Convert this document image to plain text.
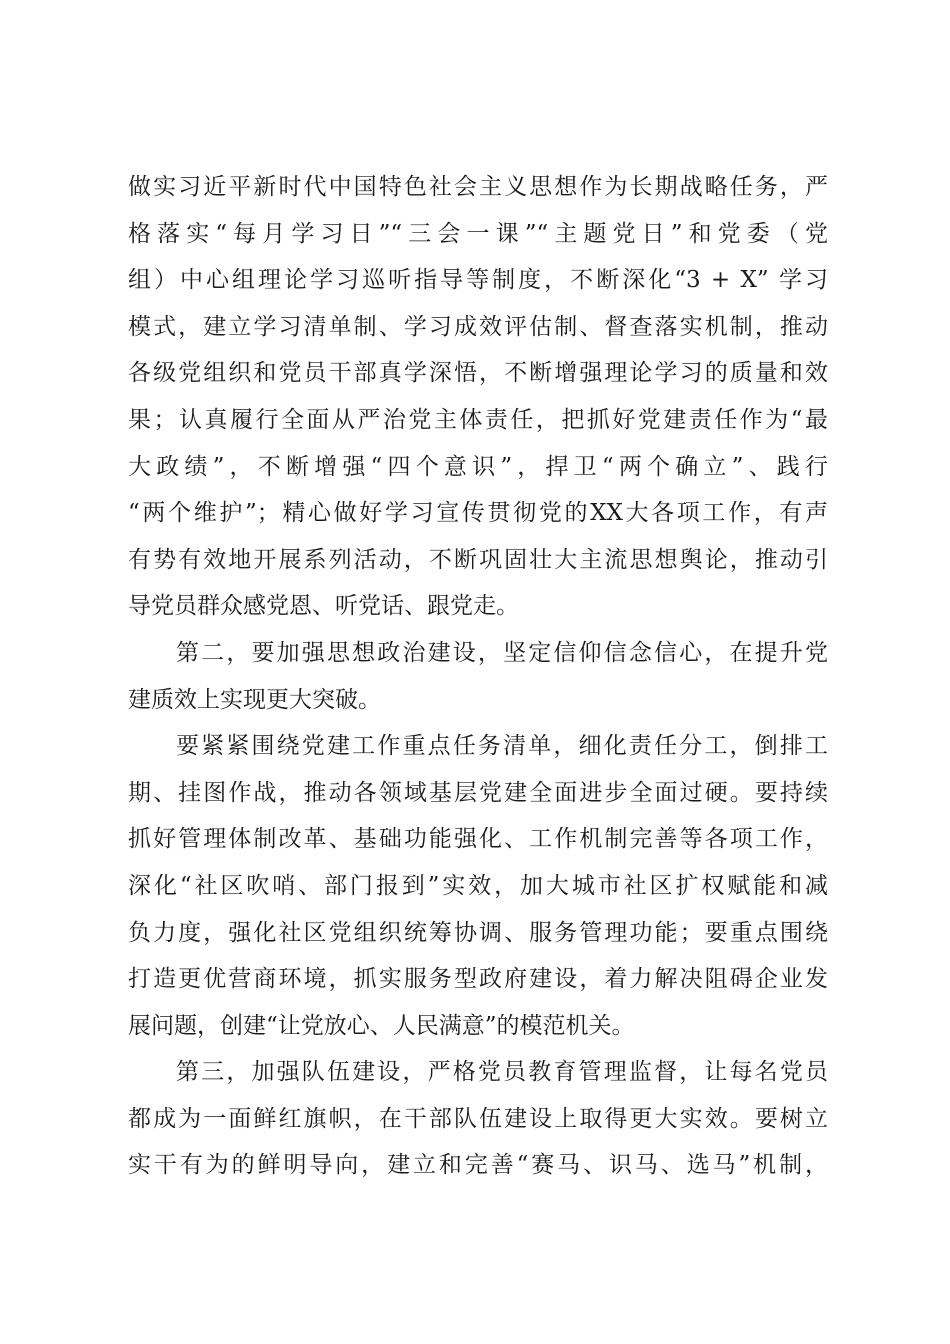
做实习近平新时代中国特色社会主义思想作为长期战略任务，严
格落实“每月学习日”“三会一课”“主题党日”和党委（党
组）中心组理论学习巡听指导等制度，不断深化“3 + X” 学习
模式，建立学习清单制、学习成效评估制、督查落实机制，推动
各级党组织和党员干部真学深悟，不断增强理论学习的质量和效
果；认真履行全面从严治党主体责任，把抓好党建责任作为“最
大政绩”，不断增强“四个意识”，捍卫“两个确立”、践行
“两个维护”；精心做好学习宣传贯彻党的XX大各项工作，有声
有势有效地开展系列活动，不断巩固壮大主流思想舆论，推动引
导党员群众感党恩、听党话、跟党走。
第二，要加强思想政治建设，坚定信仰信念信心，在提升党
建质效上实现更大突破。
要紧紧围绕党建工作重点任务清单，细化责任分工，倒排工
期、挂图作战，推动各领域基层党建全面进步全面过硬。要持续
抓好管理体制改革、基础功能强化、工作机制完善等各项工作，
深化“社区吹哨、部门报到”实效，加大城市社区扩权赋能和减
负力度，强化社区党组织统筹协调、服务管理功能；要重点围绕
打造更优营商环境，抓实服务型政府建设，着力解决阻碍企业发
展问题，创建“让党放心、人民满意”的模范机关。
第三，加强队伍建设，严格党员教育管理监督，让每名党员
都成为一面鲜红旗帜，在干部队伍建设上取得更大实效。要树立
实干有为的鲜明导向，建立和完善“赛马、识马、选马”机制，
